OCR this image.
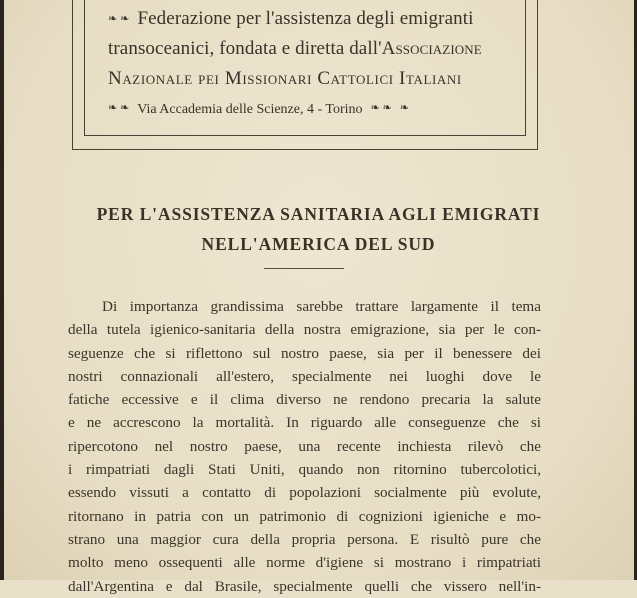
❧ ❧ Federazione per l'assistenza degli emigranti
transoceanici, fondata e diretta dall'Associazione
Nazionale pei Missionari Cattolici Italiani
❧ ❧ Via Accademia delle Scienze, 4 - Torino ❧ ❧ ❧
PER L'ASSISTENZA SANITARIA AGLI EMIGRATI
NELL'AMERICA DEL SUD
Di importanza grandissima sarebbe trattare largamente il tema
della tutela igienico-sanitaria della nostra emigrazione, sia per le con-
seguenze che si riflettono sul nostro paese, sia per il benessere dei
nostri connazionali all'estero, specialmente nei luoghi dove le
fatiche eccessive e il clima diverso ne rendono precaria la salute
e ne accrescono la mortalità. In riguardo alle conseguenze che si
ripercotono nel nostro paese, una recente inchiesta rilevò che
i rimpatriati dagli Stati Uniti, quando non ritornino tubercolotici,
essendo vissuti a contatto di popolazioni socialmente più evolute,
ritornano in patria con un patrimonio di cognizioni igieniche e mo-
strano una maggior cura della propria persona. E risultò pure che
molto meno ossequenti alle norme d'igiene si mostrano i rimpatriati
dall'Argentina e dal Brasile, specialmente quelli che vissero nell'in-
